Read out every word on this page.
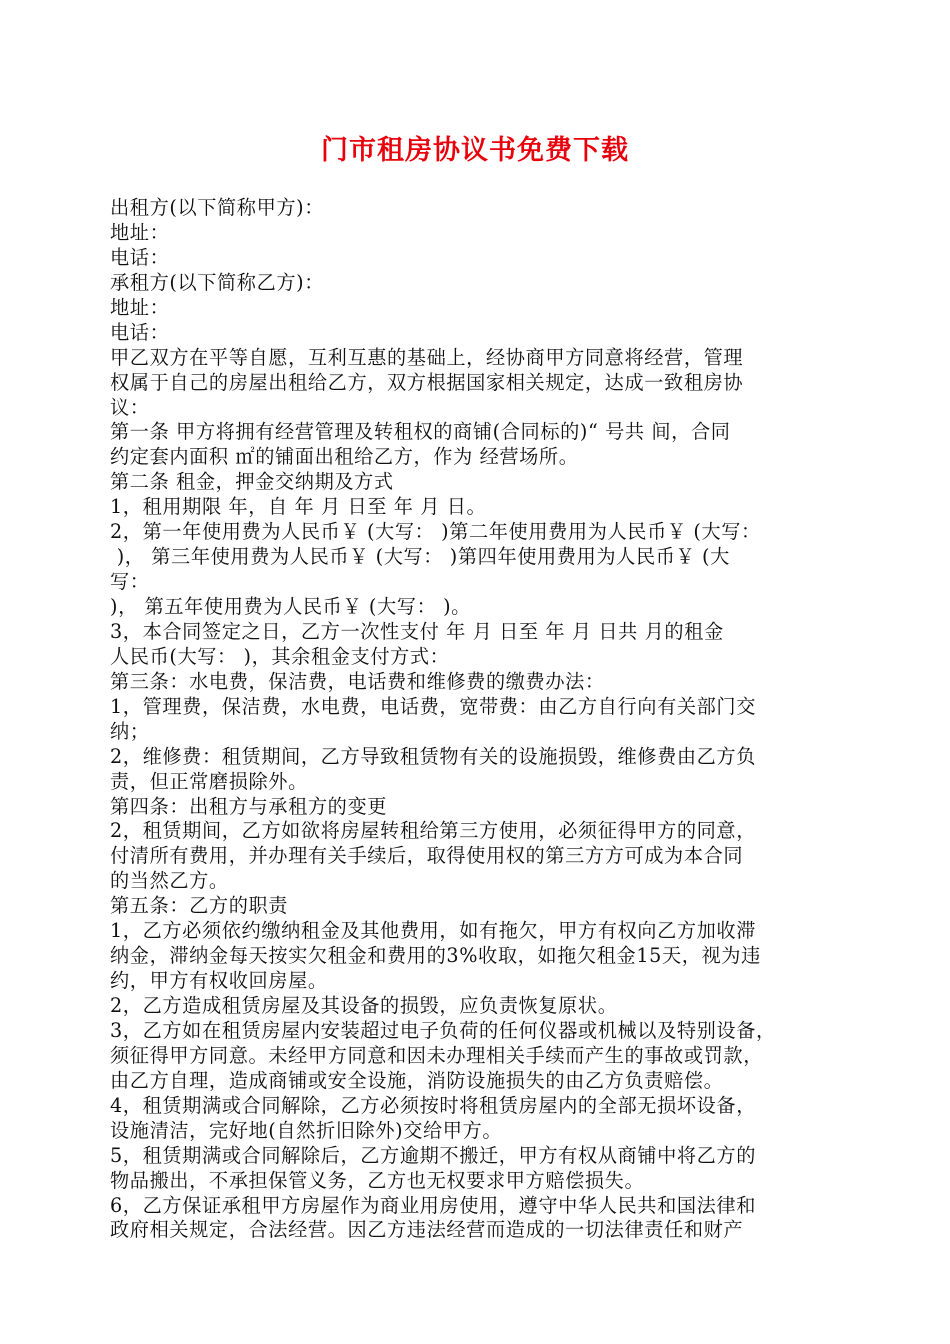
门市租房协议书免费下载
出租方(以下简称甲方)：
地址：
电话：
承租方(以下简称乙方)：
地址：
电话：
甲乙双方在平等自愿，互利互惠的基础上，经协商甲方同意将经营，管理
权属于自己的房屋出租给乙方，双方根据国家相关规定，达成一致租房协
议：
第一条 甲方将拥有经营管理及转租权的商铺(合同标的)“ 号共 间，合同
约定套内面积 ㎡的铺面出租给乙方，作为 经营场所。
第二条 租金，押金交纳期及方式
1，租用期限 年，自 年 月 日至 年 月 日。
2，第一年使用费为人民币￥ (大写： )第二年使用费用为人民币￥ (大写：
)， 第三年使用费为人民币￥ (大写： )第四年使用费用为人民币￥ (大
写：
)， 第五年使用费为人民币￥ (大写： )。
3，本合同签定之日，乙方一次性支付 年 月 日至 年 月 日共 月的租金
人民币(大写： )，其余租金支付方式：
第三条：水电费，保洁费，电话费和维修费的缴费办法：
1，管理费，保洁费，水电费，电话费，宽带费：由乙方自行向有关部门交
纳；
2，维修费：租赁期间，乙方导致租赁物有关的设施损毁，维修费由乙方负
责，但正常磨损除外。
第四条：出租方与承租方的变更
2，租赁期间，乙方如欲将房屋转租给第三方使用，必须征得甲方的同意，
付清所有费用，并办理有关手续后，取得使用权的第三方方可成为本合同
的当然乙方。
第五条：乙方的职责
1，乙方必须依约缴纳租金及其他费用，如有拖欠，甲方有权向乙方加收滞
纳金，滞纳金每天按实欠租金和费用的3%收取，如拖欠租金15天，视为违
约，甲方有权收回房屋。
2，乙方造成租赁房屋及其设备的损毁，应负责恢复原状。
3，乙方如在租赁房屋内安装超过电子负荷的任何仪器或机械以及特别设备，
须征得甲方同意。未经甲方同意和因未办理相关手续而产生的事故或罚款，
由乙方自理，造成商铺或安全设施，消防设施损失的由乙方负责赔偿。
4，租赁期满或合同解除，乙方必须按时将租赁房屋内的全部无损坏设备，
设施清洁，完好地(自然折旧除外)交给甲方。
5，租赁期满或合同解除后，乙方逾期不搬迁，甲方有权从商铺中将乙方的
物品搬出，不承担保管义务，乙方也无权要求甲方赔偿损失。
6，乙方保证承租甲方房屋作为商业用房使用，遵守中华人民共和国法律和
政府相关规定，合法经营。因乙方违法经营而造成的一切法律责任和财产
